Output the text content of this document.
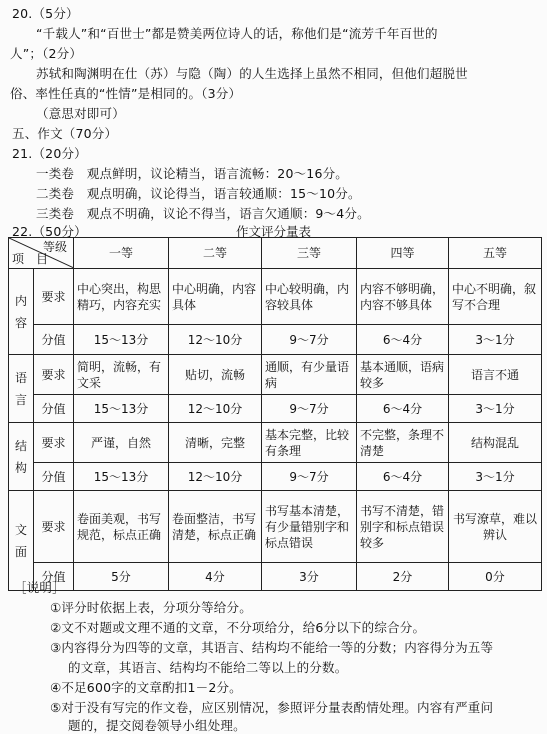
20.（5分）
“千载人”和“百世士”都是赞美两位诗人的话，称他们是“流芳千年百世的
人”；（2分）
苏轼和陶渊明在仕（苏）与隐（陶）的人生选择上虽然不相同，但他们超脱世
俗、率性任真的“性情”是相同的。（3分）
（意思对即可）
五、作文（70分）
21.（20分）
一类卷　观点鲜明，议论精当，语言流畅：20～16分。
二类卷　观点明确，议论得当，语言较通顺：15～10分。
三类卷　观点不明确，议论不得当，语言欠通顺：9～4分。
22.（50分）	作文评分量表
等级
项　目		一等	二等	三等	四等	五等
内
容	要求	中心突出，构思精巧，内容充实	中心明确，内容具体	中心较明确，内容较具体	内容不够明确，内容不够具体	中心不明确，叙写不合理
	分值	15～13分	12～10分	9～7分	6～4分	3～1分
语
言	要求	简明，流畅，有文采	贴切，流畅	通顺，有少量语病	基本通顺，语病较多	语言不通
	分值	15～13分	12～10分	9～7分	6～4分	3～1分
结
构	要求	严谨，自然	清晰，完整	基本完整，比较有条理	不完整，条理不清楚	结构混乱
	分值	15～13分	12～10分	9～7分	6～4分	3～1分
文
面	要求	卷面美观，书写规范，标点正确	卷面整洁，书写清楚，标点正确	书写基本清楚，有少量错别字和标点错误	书写不清楚，错别字和标点错误较多	书写潦草，难以辨认
	分值	5分	4分	3分	2分	0分
［说明］
①评分时依据上表，分项分等给分。
②文不对题或文理不通的文章，不分项给分，给6分以下的综合分。
③内容得分为四等的文章，其语言、结构均不能给一等的分数；内容得分为五等
的文章，其语言、结构均不能给二等以上的分数。
④不足600字的文章酌扣1－2分。
⑤对于没有写完的作文卷，应区别情况，参照评分量表酌情处理。内容有严重问
题的，提交阅卷领导小组处理。
